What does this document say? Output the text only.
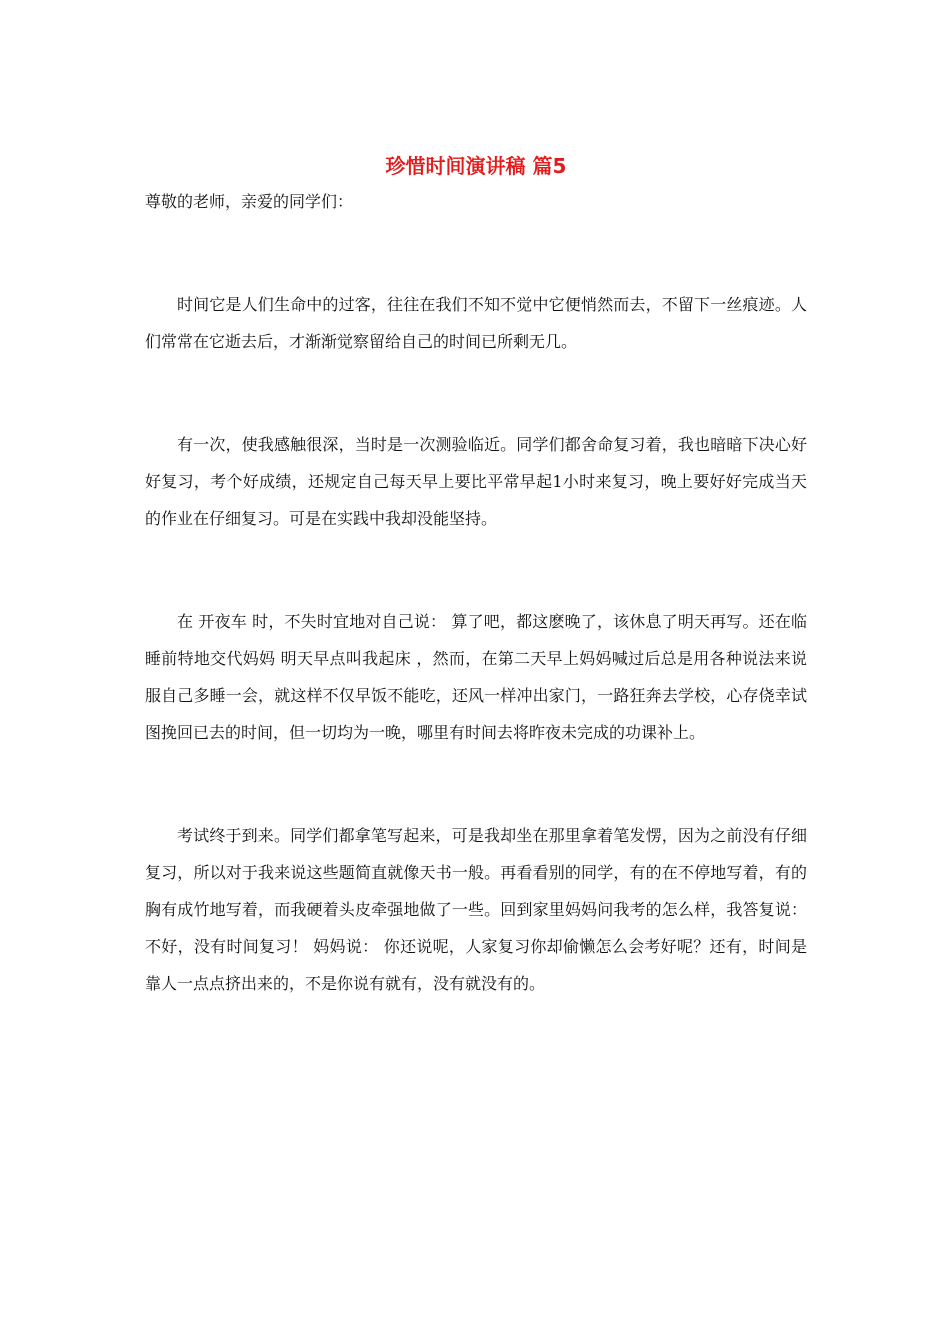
珍惜时间演讲稿 篇5

尊敬的老师，亲爱的同学们：

时间它是人们生命中的过客，往往在我们不知不觉中它便悄然而去，不留下一丝痕迹。人们常常在它逝去后，才渐渐觉察留给自己的时间已所剩无几。

有一次，使我感触很深，当时是一次测验临近。同学们都舍命复习着，我也暗暗下决心好好复习，考个好成绩，还规定自己每天早上要比平常早起1小时来复习，晚上要好好完成当天的作业在仔细复习。可是在实践中我却没能坚持。

在 开夜车 时，不失时宜地对自己说： 算了吧，都这麽晚了，该休息了明天再写。还在临睡前特地交代妈妈 明天早点叫我起床 ，然而，在第二天早上妈妈喊过后总是用各种说法来说服自己多睡一会，就这样不仅早饭不能吃，还风一样冲出家门，一路狂奔去学校，心存侥幸试图挽回已去的时间，但一切均为一晚，哪里有时间去将昨夜未完成的功课补上。

考试终于到来。同学们都拿笔写起来，可是我却坐在那里拿着笔发愣，因为之前没有仔细复习，所以对于我来说这些题简直就像天书一般。再看看别的同学，有的在不停地写着，有的胸有成竹地写着，而我硬着头皮牵强地做了一些。回到家里妈妈问我考的怎么样，我答复说： 不好，没有时间复习！ 妈妈说： 你还说呢，人家复习你却偷懒怎么会考好呢？还有，时间是靠人一点点挤出来的，不是你说有就有，没有就没有的。
